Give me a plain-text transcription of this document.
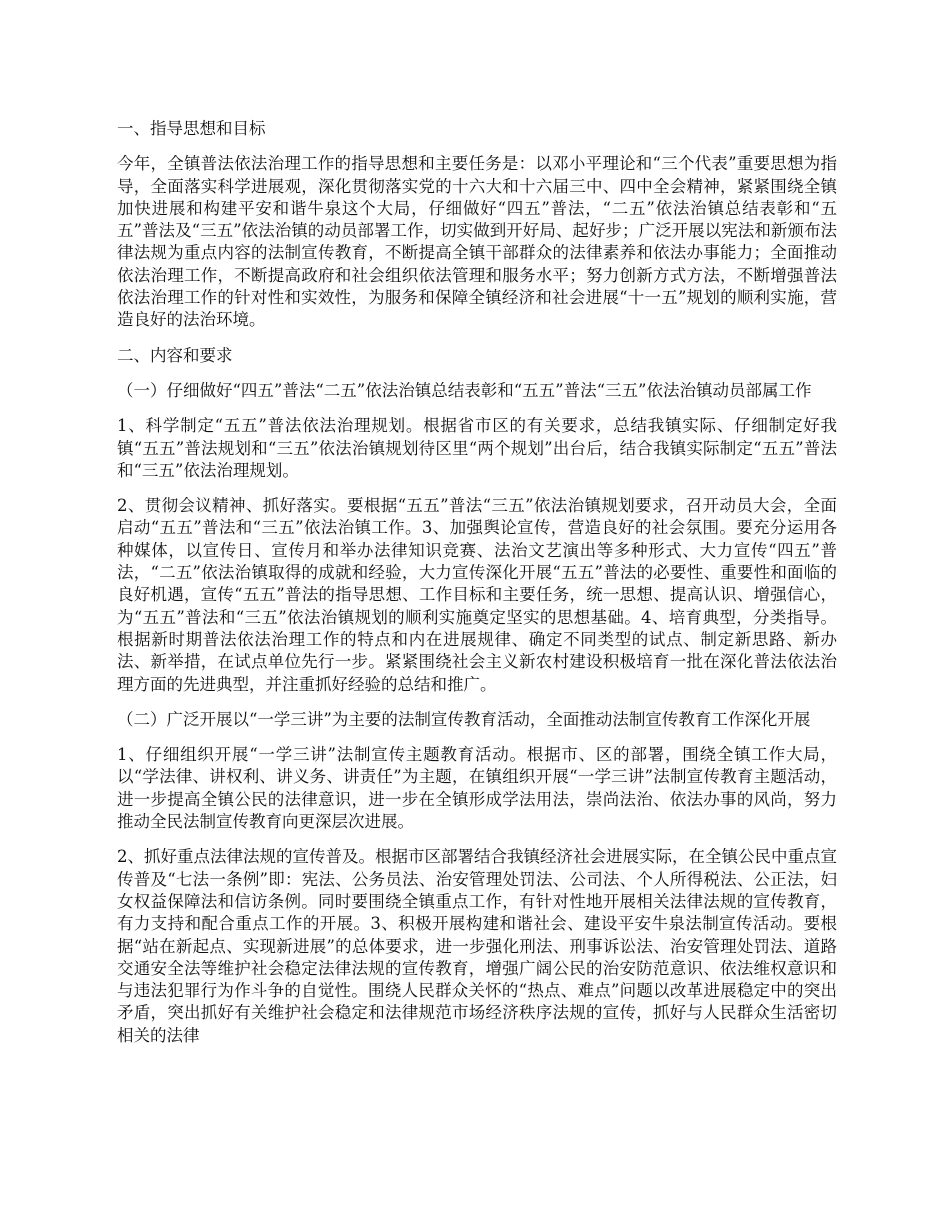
一、指导思想和目标

今年，全镇普法依法治理工作的指导思想和主要任务是：以邓小平理论和“三个代表”重要思想为指导，全面落实科学进展观，深化贯彻落实党的十六大和十六届三中、四中全会精神，紧紧围绕全镇加快进展和构建平安和谐牛泉这个大局，仔细做好“四五”普法，“二五”依法治镇总结表彰和“五五”普法及“三五”依法治镇的动员部署工作，切实做到开好局、起好步；广泛开展以宪法和新颁布法律法规为重点内容的法制宣传教育，不断提高全镇干部群众的法律素养和依法办事能力；全面推动依法治理工作，不断提高政府和社会组织依法管理和服务水平；努力创新方式方法，不断增强普法依法治理工作的针对性和实效性，为服务和保障全镇经济和社会进展“十一五”规划的顺利实施，营造良好的法治环境。

二、内容和要求

（一）仔细做好“四五”普法“二五”依法治镇总结表彰和“五五”普法“三五”依法治镇动员部属工作

1、科学制定“五五”普法依法治理规划。根据省市区的有关要求，总结我镇实际、仔细制定好我镇“五五”普法规划和“三五”依法治镇规划待区里“两个规划”出台后，结合我镇实际制定“五五”普法和“三五”依法治理规划。

2、贯彻会议精神、抓好落实。要根据“五五”普法“三五”依法治镇规划要求，召开动员大会，全面启动“五五”普法和“三五”依法治镇工作。3、加强舆论宣传，营造良好的社会氛围。要充分运用各种媒体，以宣传日、宣传月和举办法律知识竞赛、法治文艺演出等多种形式、大力宣传“四五”普法，“二五”依法治镇取得的成就和经验，大力宣传深化开展“五五”普法的必要性、重要性和面临的良好机遇，宣传“五五”普法的指导思想、工作目标和主要任务，统一思想、提高认识、增强信心，为“五五”普法和“三五”依法治镇规划的顺利实施奠定坚实的思想基础。4、培育典型，分类指导。根据新时期普法依法治理工作的特点和内在进展规律、确定不同类型的试点、制定新思路、新办法、新举措，在试点单位先行一步。紧紧围绕社会主义新农村建设积极培育一批在深化普法依法治理方面的先进典型，并注重抓好经验的总结和推广。

（二）广泛开展以“一学三讲”为主要的法制宣传教育活动，全面推动法制宣传教育工作深化开展

1、仔细组织开展“一学三讲”法制宣传主题教育活动。根据市、区的部署，围绕全镇工作大局，以“学法律、讲权利、讲义务、讲责任”为主题，在镇组织开展“一学三讲”法制宣传教育主题活动，进一步提高全镇公民的法律意识，进一步在全镇形成学法用法，崇尚法治、依法办事的风尚，努力推动全民法制宣传教育向更深层次进展。

2、抓好重点法律法规的宣传普及。根据市区部署结合我镇经济社会进展实际，在全镇公民中重点宣传普及“七法一条例”即：宪法、公务员法、治安管理处罚法、公司法、个人所得税法、公正法，妇女权益保障法和信访条例。同时要围绕全镇重点工作，有针对性地开展相关法律法规的宣传教育，有力支持和配合重点工作的开展。3、积极开展构建和谐社会、建设平安牛泉法制宣传活动。要根据“站在新起点、实现新进展”的总体要求，进一步强化刑法、刑事诉讼法、治安管理处罚法、道路交通安全法等维护社会稳定法律法规的宣传教育，增强广阔公民的治安防范意识、依法维权意识和与违法犯罪行为作斗争的自觉性。围绕人民群众关怀的“热点、难点”问题以改革进展稳定中的突出矛盾，突出抓好有关维护社会稳定和法律规范市场经济秩序法规的宣传，抓好与人民群众生活密切相关的法律
